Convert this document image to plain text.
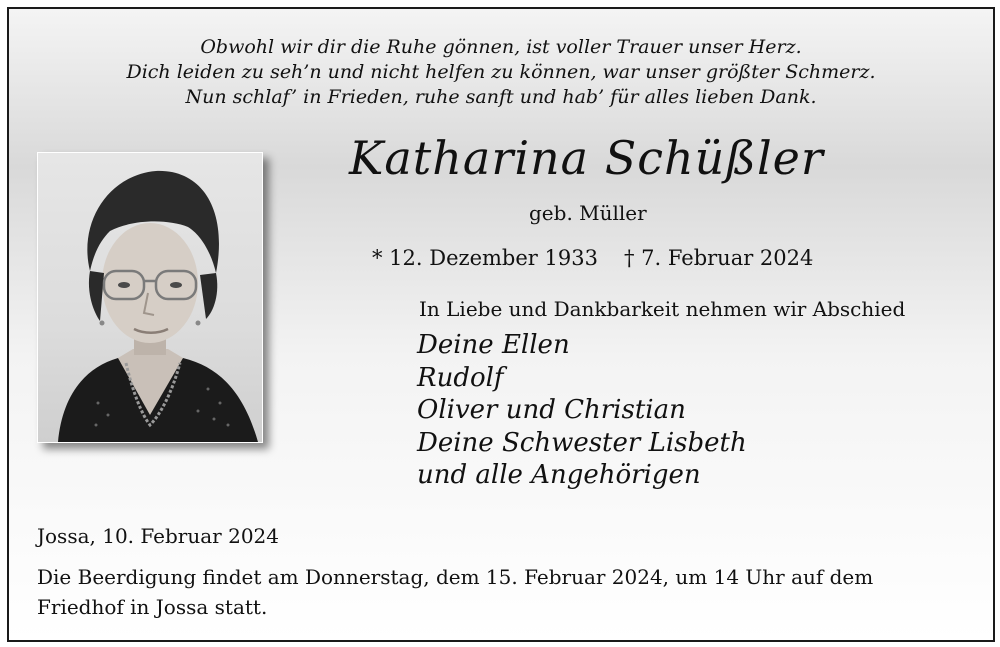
Obwohl wir dir die Ruhe gönnen, ist voller Trauer unser Herz.
Dich leiden zu seh’n und nicht helfen zu können, war unser größter Schmerz.
Nun schlaf’ in Frieden, ruhe sanft und hab’ für alles lieben Dank.
Katharina Schüßler
geb. Müller
* 12. Dezember 1933 † 7. Februar 2024
In Liebe und Dankbarkeit nehmen wir Abschied
Deine Ellen
Rudolf
Oliver und Christian
Deine Schwester Lisbeth
und alle Angehörigen
Jossa, 10. Februar 2024
Die Beerdigung findet am Donnerstag, dem 15. Februar 2024, um 14 Uhr auf dem Friedhof in Jossa statt.
